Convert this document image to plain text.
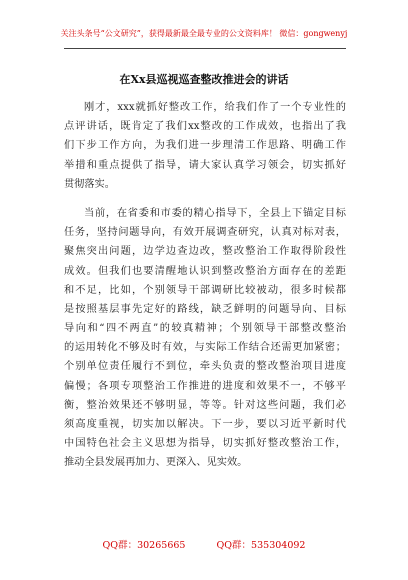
关注头条号“公文研究”，获得最新最全最专业的公文资料库！ 微信：gongwenyj
在Xx县巡视巡查整改推进会的讲话
刚才，xxx就抓好整改工作，给我们作了一个专业性的
点评讲话，既肯定了我们xx整改的工作成效，也指出了我
们下步工作方向，为我们进一步理清工作思路、明确工作
举措和重点提供了指导，请大家认真学习领会，切实抓好
贯彻落实。
当前，在省委和市委的精心指导下，全县上下锚定目标
任务，坚持问题导向，有效开展调查研究，认真对标对表，
聚焦突出问题，边学边查边改，整改整治工作取得阶段性
成效。但我们也要清醒地认识到整改整治方面存在的差距
和不足，比如，个别领导干部调研比较被动，很多时候都
是按照基层事先定好的路线，缺乏鲜明的问题导向、目标
导向和“四不两直”的较真精神；个别领导干部整改整治
的运用转化不够及时有效，与实际工作结合还需更加紧密；
个别单位责任履行不到位，牵头负责的整改整治项目进度
偏慢；各项专项整治工作推进的进度和效果不一，不够平
衡，整治效果还不够明显，等等。针对这些问题，我们必
须高度重视，切实加以解决。下一步，要以习近平新时代
中国特色社会主义思想为指导，切实抓好整改整治工作，
推动全县发展再加力、更深入、见实效。
QQ群：30265665	QQ群：535304092
